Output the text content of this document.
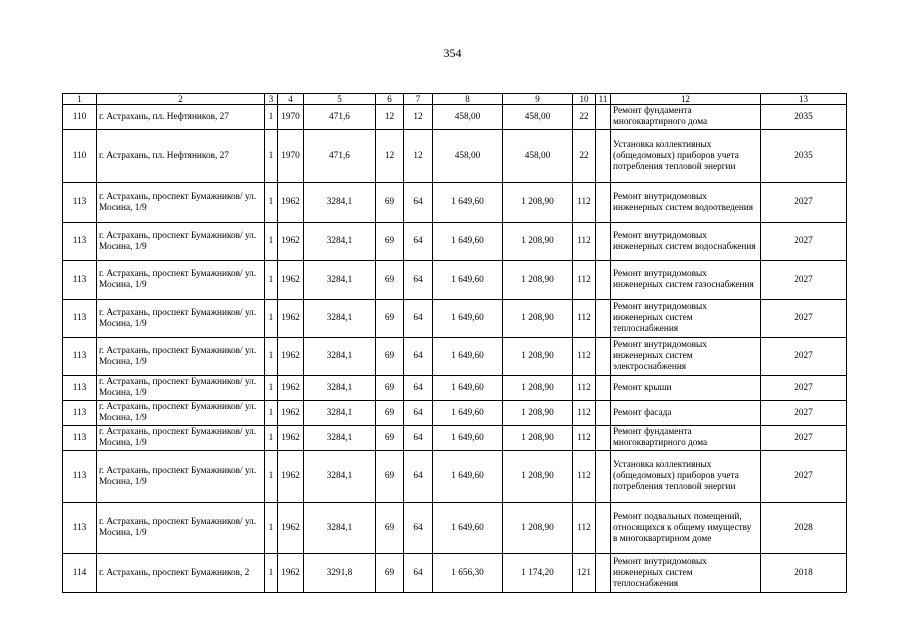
354
1	2	3	4	5	6	7	8	9	10	11	12	13
110	г. Астрахань, пл. Нефтяников, 27	1	1970	471,6	12	12	458,00	458,00	22		Ремонт фундамента многоквартирного дома	2035
110	г. Астрахань, пл. Нефтяников, 27	1	1970	471,6	12	12	458,00	458,00	22		Установка коллективных (общедомовых) приборов учета потребления тепловой энергии	2035
113	г. Астрахань, проспект Бумажников/ ул. Мосина, 1/9	1	1962	3284,1	69	64	1 649,60	1 208,90	112		Ремонт внутридомовых инженерных систем водоотведения	2027
113	г. Астрахань, проспект Бумажников/ ул. Мосина, 1/9	1	1962	3284,1	69	64	1 649,60	1 208,90	112		Ремонт внутридомовых инженерных систем водоснабжения	2027
113	г. Астрахань, проспект Бумажников/ ул. Мосина, 1/9	1	1962	3284,1	69	64	1 649,60	1 208,90	112		Ремонт внутридомовых инженерных систем газоснабжения	2027
113	г. Астрахань, проспект Бумажников/ ул. Мосина, 1/9	1	1962	3284,1	69	64	1 649,60	1 208,90	112		Ремонт внутридомовых инженерных систем теплоснабжения	2027
113	г. Астрахань, проспект Бумажников/ ул. Мосина, 1/9	1	1962	3284,1	69	64	1 649,60	1 208,90	112		Ремонт внутридомовых инженерных систем электроснабжения	2027
113	г. Астрахань, проспект Бумажников/ ул. Мосина, 1/9	1	1962	3284,1	69	64	1 649,60	1 208,90	112		Ремонт крыши	2027
113	г. Астрахань, проспект Бумажников/ ул. Мосина, 1/9	1	1962	3284,1	69	64	1 649,60	1 208,90	112		Ремонт фасада	2027
113	г. Астрахань, проспект Бумажников/ ул. Мосина, 1/9	1	1962	3284,1	69	64	1 649,60	1 208,90	112		Ремонт фундамента многоквартирного дома	2027
113	г. Астрахань, проспект Бумажников/ ул. Мосина, 1/9	1	1962	3284,1	69	64	1 649,60	1 208,90	112		Установка коллективных (общедомовых) приборов учета потребления тепловой энергии	2027
113	г. Астрахань, проспект Бумажников/ ул. Мосина, 1/9	1	1962	3284,1	69	64	1 649,60	1 208,90	112		Ремонт подвальных помещений, относящихся к общему имуществу в многоквартирном доме	2028
114	г. Астрахань, проспект Бумажников, 2	1	1962	3291,8	69	64	1 656,30	1 174,20	121		Ремонт внутридомовых инженерных систем теплоснабжения	2018
